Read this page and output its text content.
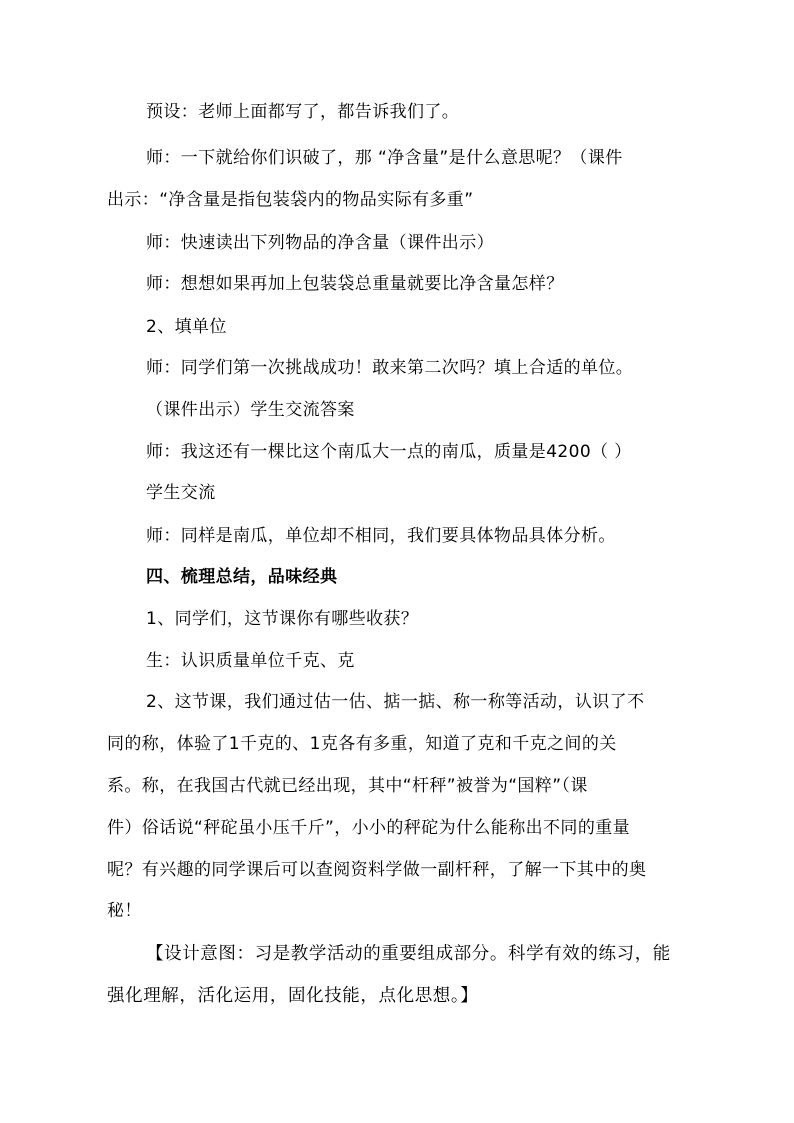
预设：老师上面都写了，都告诉我们了。
师：一下就给你们识破了，那 “净含量”是什么意思呢？（课件
出示：“净含量是指包装袋内的物品实际有多重”
师：快速读出下列物品的净含量（课件出示）
师：想想如果再加上包装袋总重量就要比净含量怎样？
2、填单位
师：同学们第一次挑战成功！敢来第二次吗？填上合适的单位。
（课件出示）学生交流答案
师：我这还有一棵比这个南瓜大一点的南瓜，质量是4200（ ）
学生交流
师：同样是南瓜，单位却不相同，我们要具体物品具体分析。
四、梳理总结，品味经典
1、同学们，这节课你有哪些收获？
生：认识质量单位千克、克
2、这节课，我们通过估一估、掂一掂、称一称等活动，认识了不
同的称，体验了1千克的、1克各有多重，知道了克和千克之间的关
系。称，在我国古代就已经出现，其中“杆秤”被誉为“国粹”（课
件）俗话说“秤砣虽小压千斤”，小小的秤砣为什么能称出不同的重量
呢？有兴趣的同学课后可以查阅资料学做一副杆秤，了解一下其中的奥
秘！
【设计意图：习是教学活动的重要组成部分。科学有效的练习，能
强化理解，活化运用，固化技能，点化思想。】
